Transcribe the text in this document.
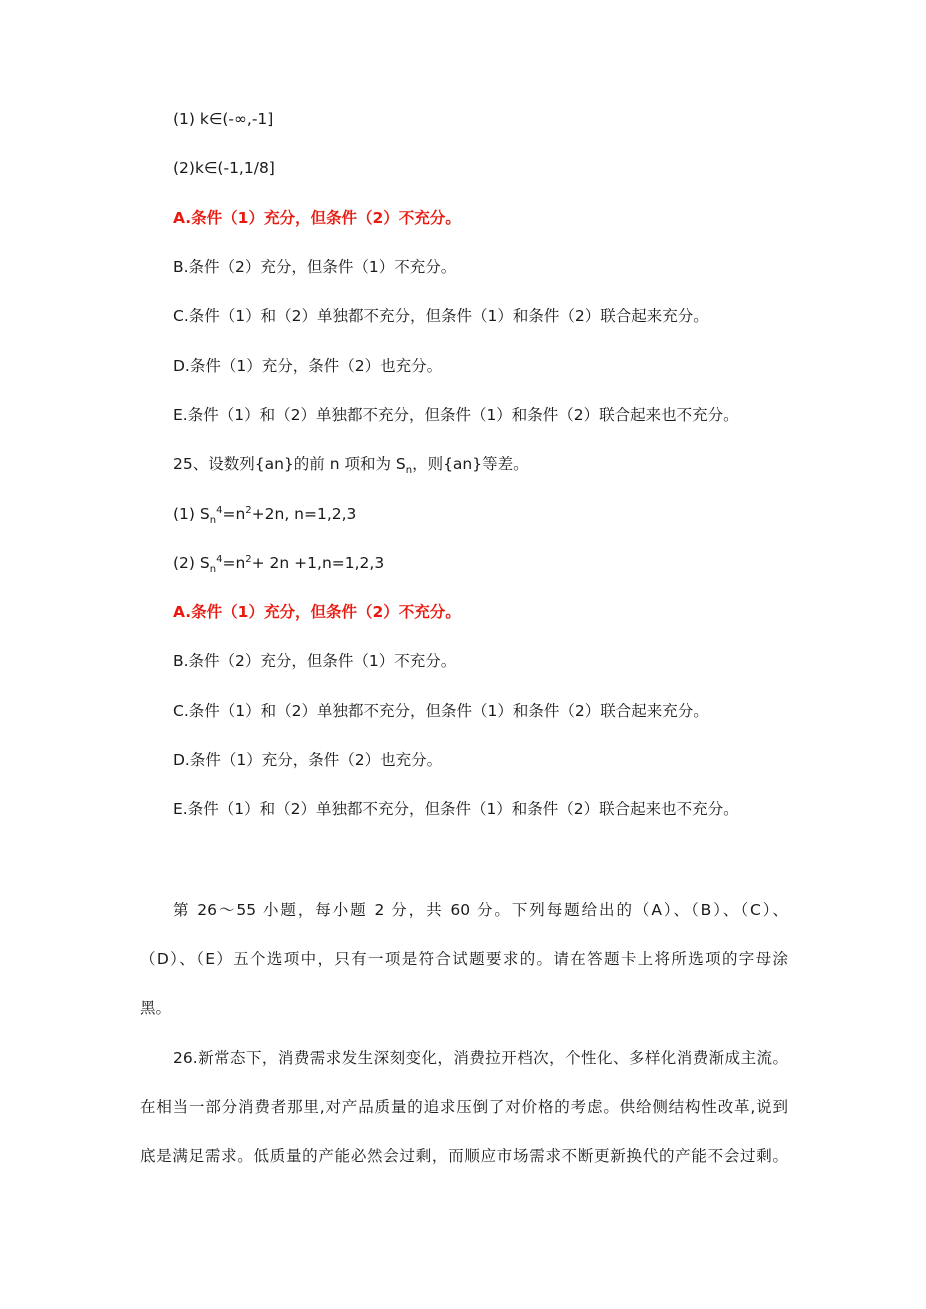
(1) k∈(-∞,-1]
(2)k∈(-1,1/8]
A.条件（1）充分，但条件（2）不充分。
B.条件（2）充分，但条件（1）不充分。
C.条件（1）和（2）单独都不充分，但条件（1）和条件（2）联合起来充分。
D.条件（1）充分，条件（2）也充分。
E.条件（1）和（2）单独都不充分，但条件（1）和条件（2）联合起来也不充分。
25、设数列{an}的前 n 项和为 $S_n$，则{an}等差。
(1) $S_n^4=n^2+2n$, n=1,2,3
(2) $S_n^4=n^2+ 2n +1,n=1,2,3$
A.条件（1）充分，但条件（2）不充分。
B.条件（2）充分，但条件（1）不充分。
C.条件（1）和（2）单独都不充分，但条件（1）和条件（2）联合起来充分。
D.条件（1）充分，条件（2）也充分。
E.条件（1）和（2）单独都不充分，但条件（1）和条件（2）联合起来也不充分。
第 26～55 小题，每小题 2 分，共 60 分。下列每题给出的（A）、（B）、（C）、
（D）、（E）五个选项中，只有一项是符合试题要求的。请在答题卡上将所选项的字母涂
黑。
26.新常态下，消费需求发生深刻变化，消费拉开档次，个性化、多样化消费渐成主流。
在相当一部分消费者那里,对产品质量的追求压倒了对价格的考虑。供给侧结构性改革,说到
底是满足需求。低质量的产能必然会过剩，而顺应市场需求不断更新换代的产能不会过剩。
